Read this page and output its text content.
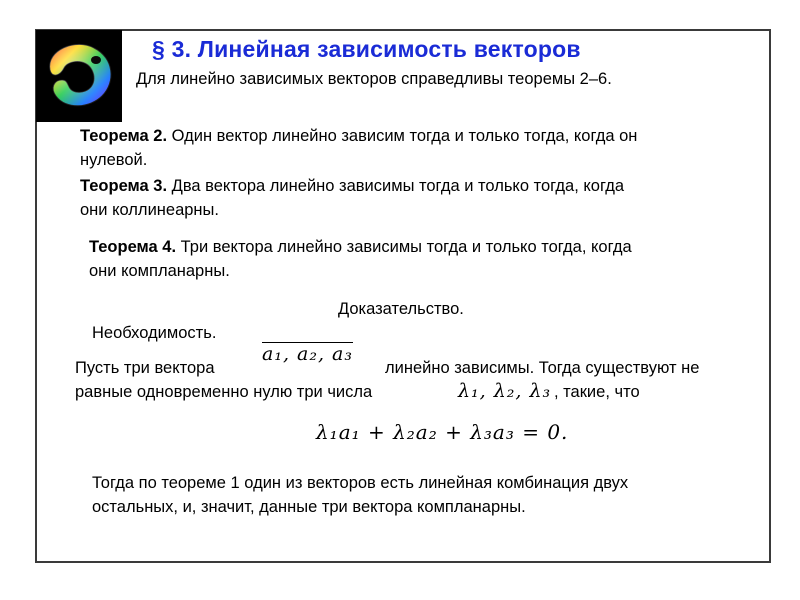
§ 3. Линейная зависимость векторов
Для линейно зависимых векторов справедливы теоремы 2–6.
Теорема 2. Один вектор линейно зависим тогда и только тогда, когда он
нулевой.
Теорема 3. Два вектора линейно зависимы тогда и только тогда, когда
они коллинеарны.
Теорема 4. Три вектора линейно зависимы тогда и только тогда, когда
они компланарны.
Доказательство.
Необходимость.
Пусть три вектора
a₁, a₂, a₃
линейно зависимы. Тогда существуют не
равные одновременно нулю три числа	λ₁, λ₂, λ₃ , такие, что
λ₁a₁ + λ₂a₂ + λ₃a₃ = 0.
Тогда по теореме 1 один из векторов есть линейная комбинация двух
остальных, и, значит, данные три вектора компланарны.
